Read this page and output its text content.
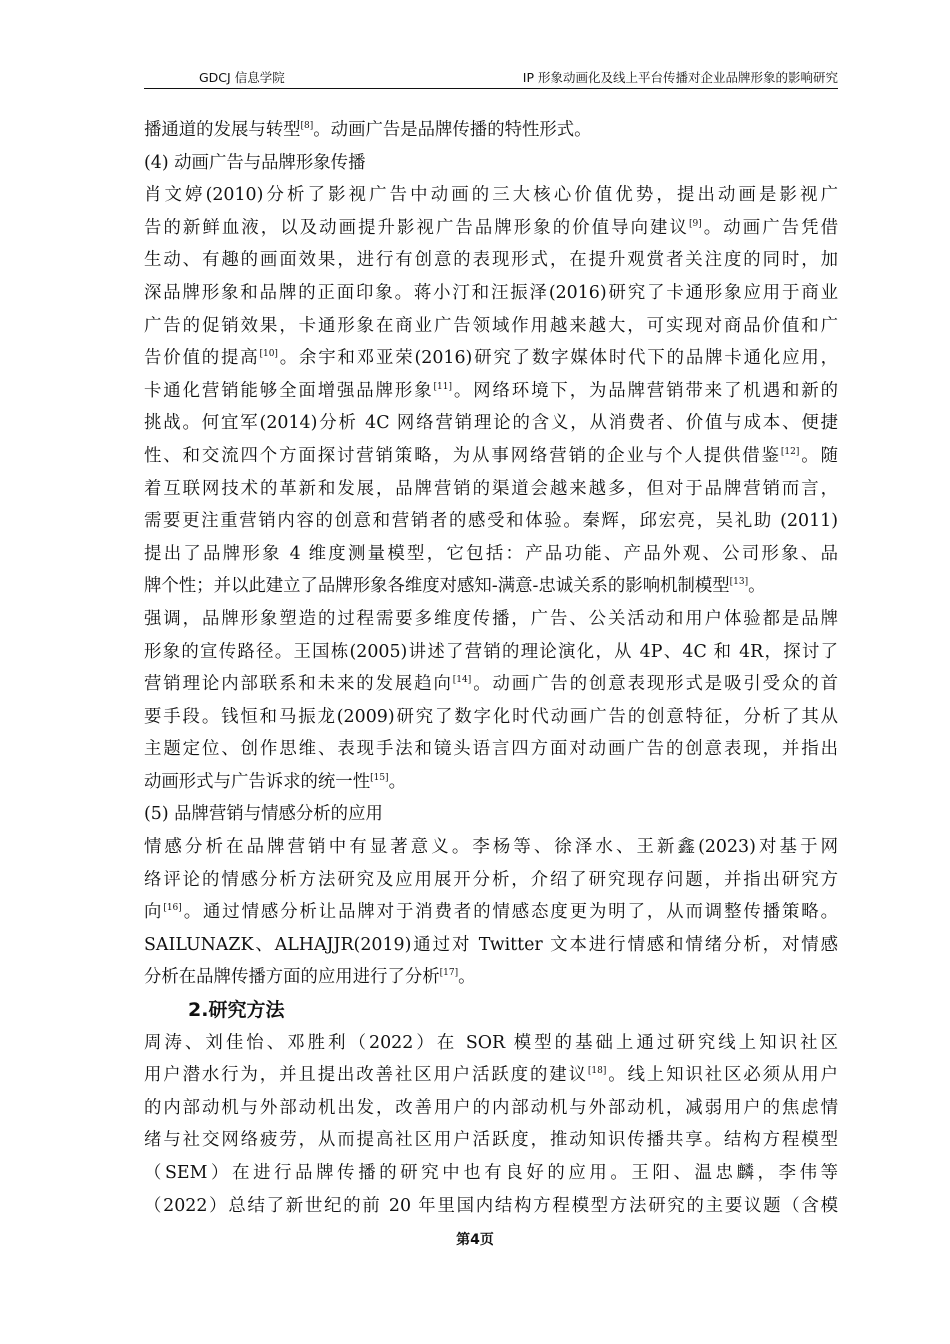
GDCJ 信息学院	IP 形象动画化及线上平台传播对企业品牌形象的影响研究
播通道的发展与转型[8]。动画广告是品牌传播的特性形式。
(4) 动画广告与品牌形象传播
肖文婷(2010)分析了影视广告中动画的三大核心价值优势，提出动画是影视广
告的新鲜血液，以及动画提升影视广告品牌形象的价值导向建议[9]。动画广告凭借
生动、有趣的画面效果，进行有创意的表现形式，在提升观赏者关注度的同时，加
深品牌形象和品牌的正面印象。蒋小汀和汪振泽(2016)研究了卡通形象应用于商业
广告的促销效果，卡通形象在商业广告领域作用越来越大，可实现对商品价值和广
告价值的提高[10]。余宇和邓亚荣(2016)研究了数字媒体时代下的品牌卡通化应用，
卡通化营销能够全面增强品牌形象[11]。网络环境下，为品牌营销带来了机遇和新的
挑战。何宜军(2014)分析 4C 网络营销理论的含义，从消费者、价值与成本、便捷
性、和交流四个方面探讨营销策略，为从事网络营销的企业与个人提供借鉴[12]。随
着互联网技术的革新和发展，品牌营销的渠道会越来越多，但对于品牌营销而言，
需要更注重营销内容的创意和营销者的感受和体验。秦辉，邱宏亮，吴礼助 (2011)
提出了品牌形象 4 维度测量模型，它包括：产品功能、产品外观、公司形象、品
牌个性；并以此建立了品牌形象各维度对感知-满意-忠诚关系的影响机制模型[13]。
强调，品牌形象塑造的过程需要多维度传播，广告、公关活动和用户体验都是品牌
形象的宣传路径。王国栋(2005)讲述了营销的理论演化，从 4P、4C 和 4R，探讨了
营销理论内部联系和未来的发展趋向[14]。动画广告的创意表现形式是吸引受众的首
要手段。钱恒和马振龙(2009)研究了数字化时代动画广告的创意特征，分析了其从
主题定位、创作思维、表现手法和镜头语言四方面对动画广告的创意表现，并指出
动画形式与广告诉求的统一性[15]。
(5) 品牌营销与情感分析的应用
情感分析在品牌营销中有显著意义。李杨等、徐泽水、王新鑫(2023)对基于网
络评论的情感分析方法研究及应用展开分析，介绍了研究现存问题，并指出研究方
向[16]。通过情感分析让品牌对于消费者的情感态度更为明了，从而调整传播策略。
SAILUNAZK、ALHAJJR(2019)通过对 Twitter 文本进行情感和情绪分析，对情感
分析在品牌传播方面的应用进行了分析[17]。
2.研究方法
周涛、刘佳怡、邓胜利（2022）在 SOR 模型的基础上通过研究线上知识社区
用户潜水行为，并且提出改善社区用户活跃度的建议[18]。线上知识社区必须从用户
的内部动机与外部动机出发，改善用户的内部动机与外部动机，减弱用户的焦虑情
绪与社交网络疲劳，从而提高社区用户活跃度，推动知识传播共享。结构方程模型
（SEM）在进行品牌传播的研究中也有良好的应用。王阳、温忠麟，李伟等
（2022）总结了新世纪的前 20 年里国内结构方程模型方法研究的主要议题（含模
第4页
